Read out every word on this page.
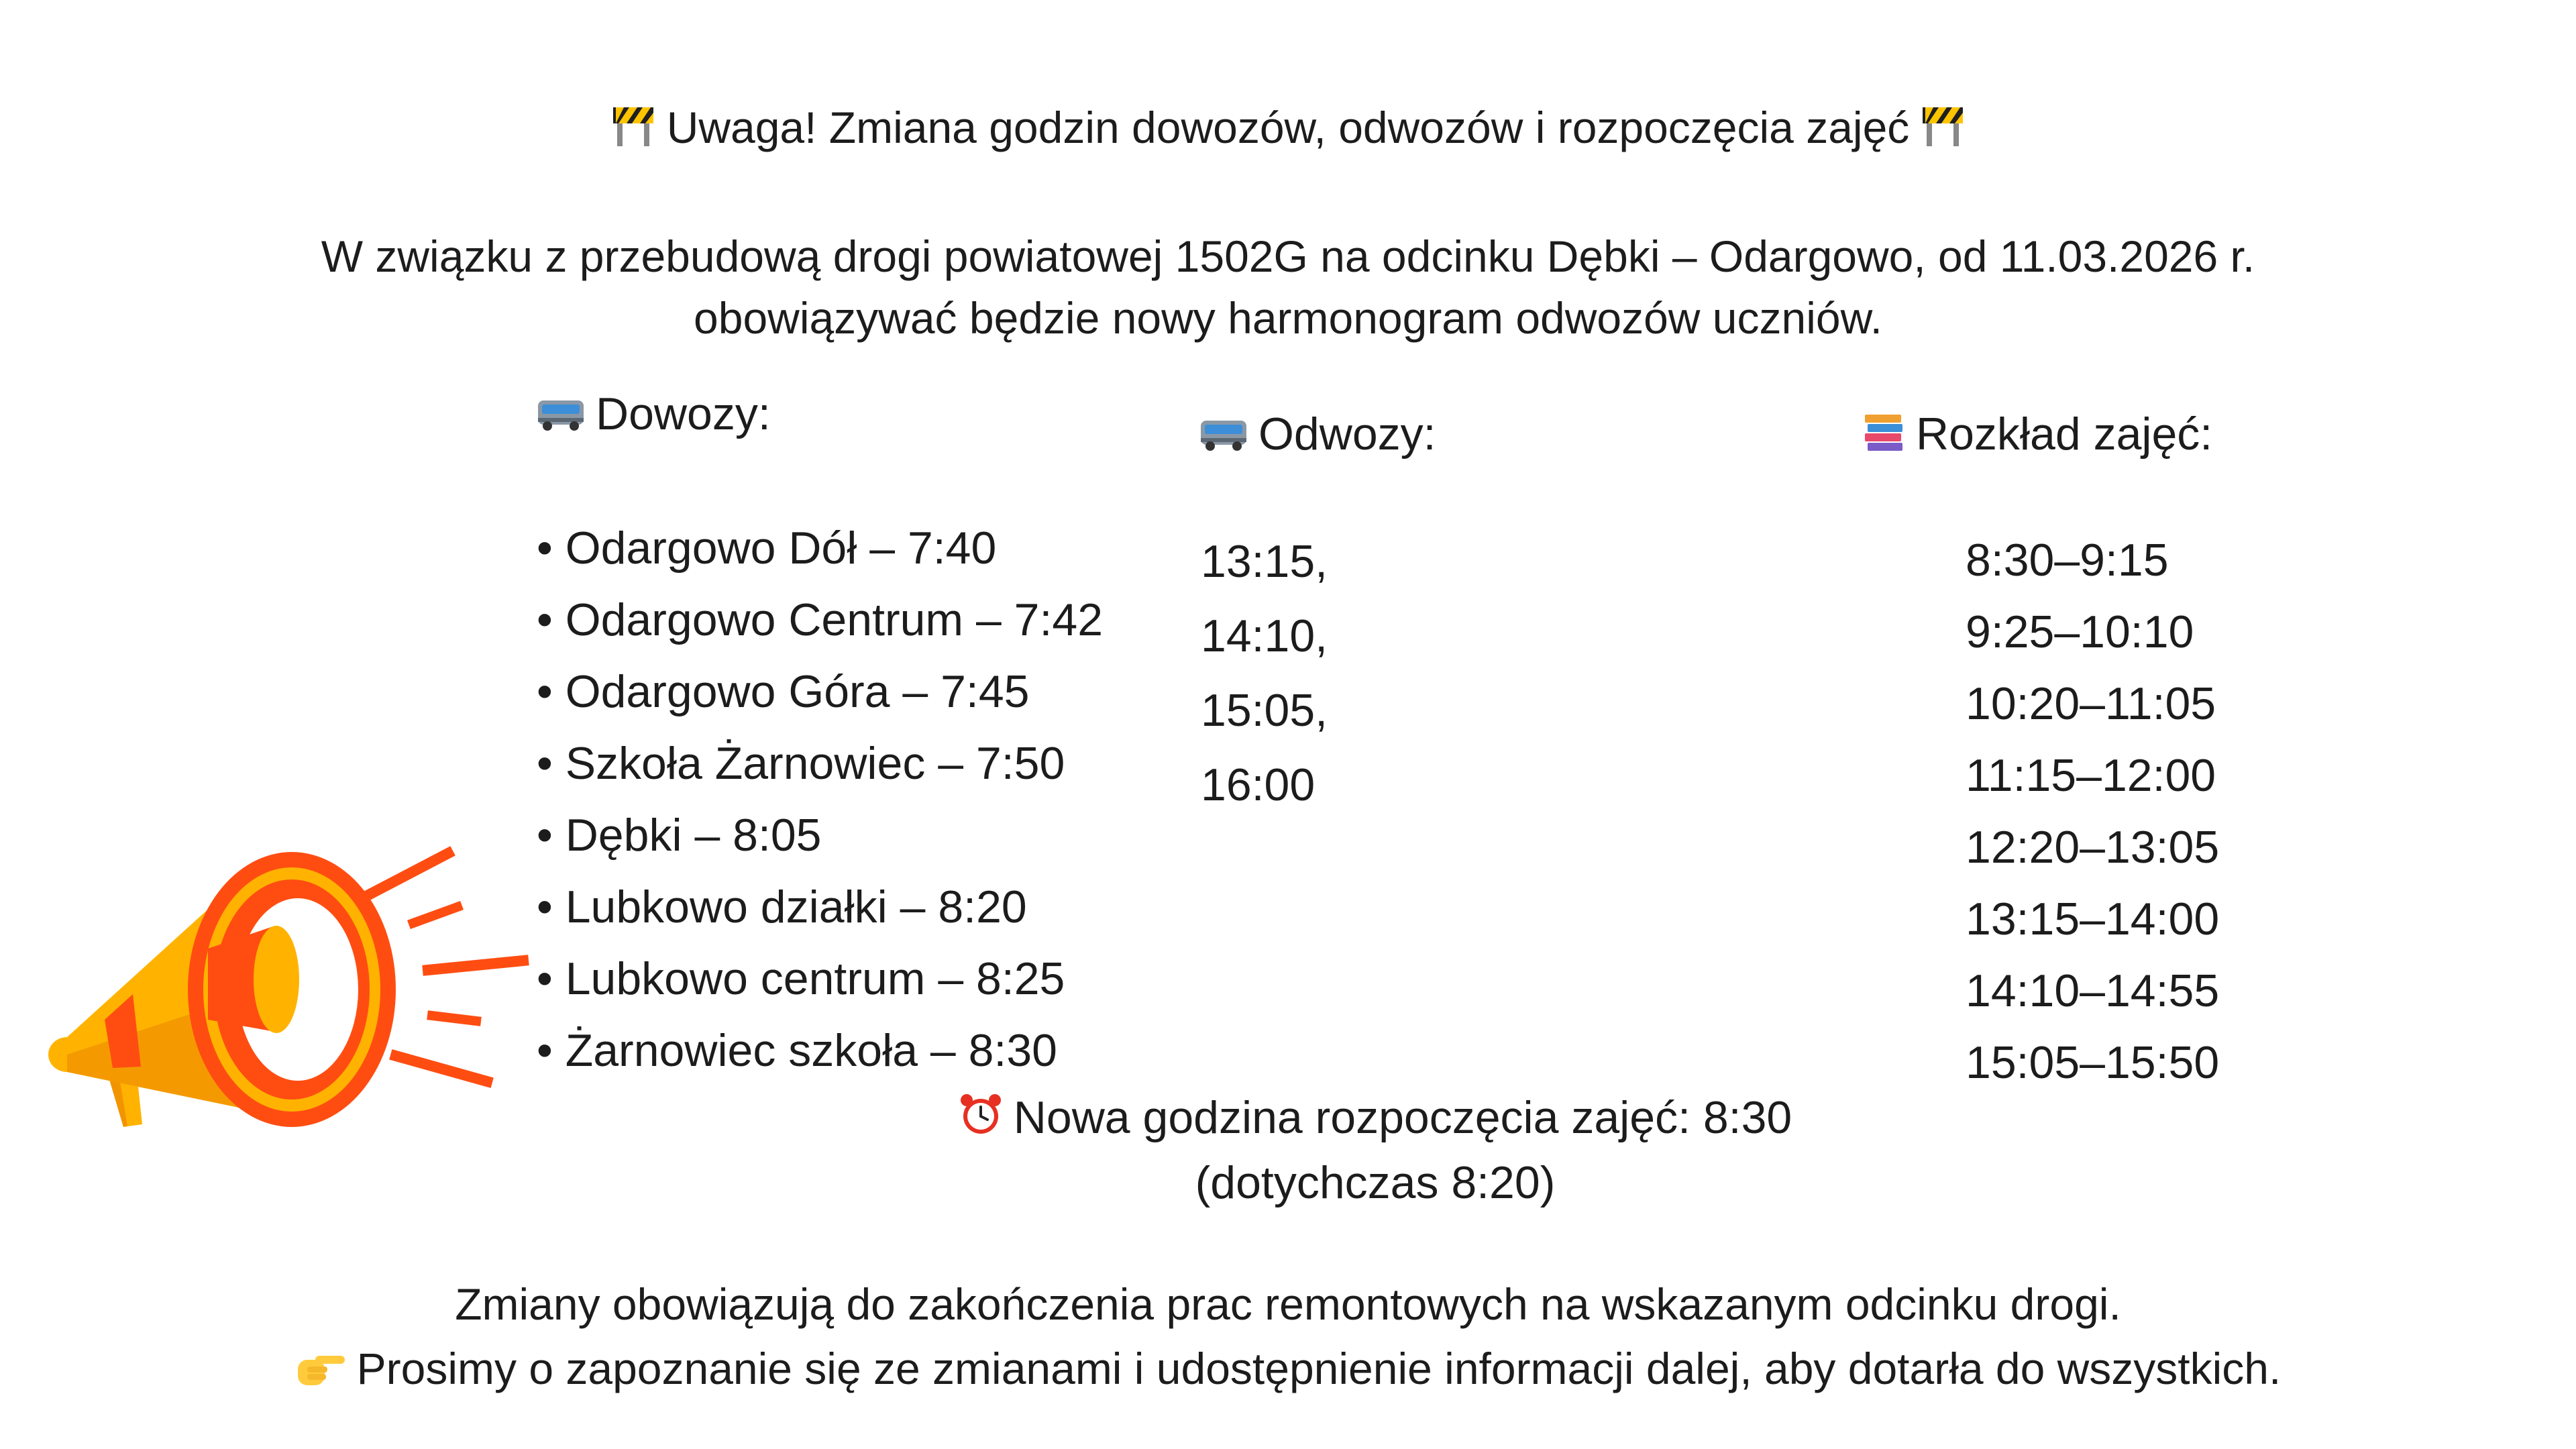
Uwaga! Zmiana godzin dowozów, odwozów i rozpoczęcia zajęć
W związku z przebudową drogi powiatowej 1502G na odcinku Dębki – Odargowo, od 11.03.2026 r.
obowiązywać będzie nowy harmonogram odwozów uczniów.
Dowozy:
• Odargowo Dół – 7:40
• Odargowo Centrum – 7:42
• Odargowo Góra – 7:45
• Szkoła Żarnowiec – 7:50
• Dębki – 8:05
• Lubkowo działki – 8:20
• Lubkowo centrum – 8:25
• Żarnowiec szkoła – 8:30
Odwozy:
13:15,
14:10,
15:05,
16:00
Rozkład zajęć:
8:30–9:15
9:25–10:10
10:20–11:05
11:15–12:00
12:20–13:05
13:15–14:00
14:10–14:55
15:05–15:50
Nowa godzina rozpoczęcia zajęć: 8:30
(dotychczas 8:20)
Zmiany obowiązują do zakończenia prac remontowych na wskazanym odcinku drogi.
Prosimy o zapoznanie się ze zmianami i udostępnienie informacji dalej, aby dotarła do wszystkich.
